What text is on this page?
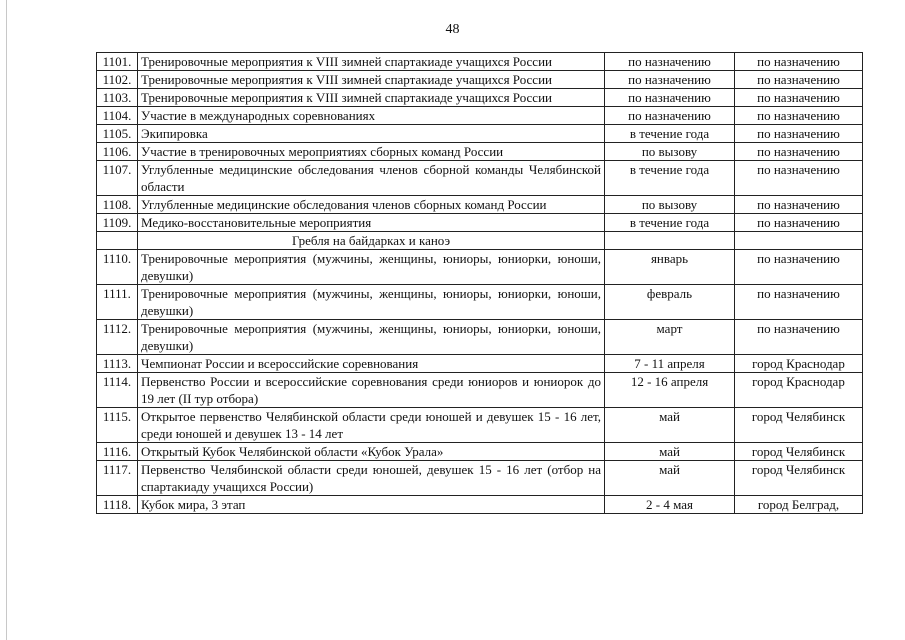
48
1101.	Тренировочные мероприятия к VIII зимней спартакиаде учащихся России	по назначению	по назначению
1102.	Тренировочные мероприятия к VIII зимней спартакиаде учащихся России	по назначению	по назначению
1103.	Тренировочные мероприятия к VIII зимней спартакиаде учащихся России	по назначению	по назначению
1104.	Участие в международных соревнованиях	по назначению	по назначению
1105.	Экипировка	в течение года	по назначению
1106.	Участие в тренировочных мероприятиях сборных команд России	по вызову	по назначению
1107.	Углубленные медицинские обследования членов сборной команды Челябинской области	в течение года	по назначению
1108.	Углубленные медицинские обследования членов сборных команд России	по вызову	по назначению
1109.	Медико-восстановительные мероприятия	в течение года	по назначению
	Гребля на байдарках и каноэ		
1110.	Тренировочные мероприятия (мужчины, женщины, юниоры, юниорки, юноши, девушки)	январь	по назначению
1111.	Тренировочные мероприятия (мужчины, женщины, юниоры, юниорки, юноши, девушки)	февраль	по назначению
1112.	Тренировочные мероприятия (мужчины, женщины, юниоры, юниорки, юноши, девушки)	март	по назначению
1113.	Чемпионат России и всероссийские соревнования	7 - 11 апреля	город Краснодар
1114.	Первенство России и всероссийские соревнования среди юниоров и юниорок до 19 лет (II тур отбора)	12 - 16 апреля	город Краснодар
1115.	Открытое первенство Челябинской области среди юношей и девушек 15 - 16 лет, среди юношей и девушек 13 - 14 лет	май	город Челябинск
1116.	Открытый Кубок Челябинской области «Кубок Урала»	май	город Челябинск
1117.	Первенство Челябинской области среди юношей, девушек 15 - 16 лет (отбор на спартакиаду учащихся России)	май	город Челябинск
1118.	Кубок мира, 3 этап	2 - 4 мая	город Белград,
